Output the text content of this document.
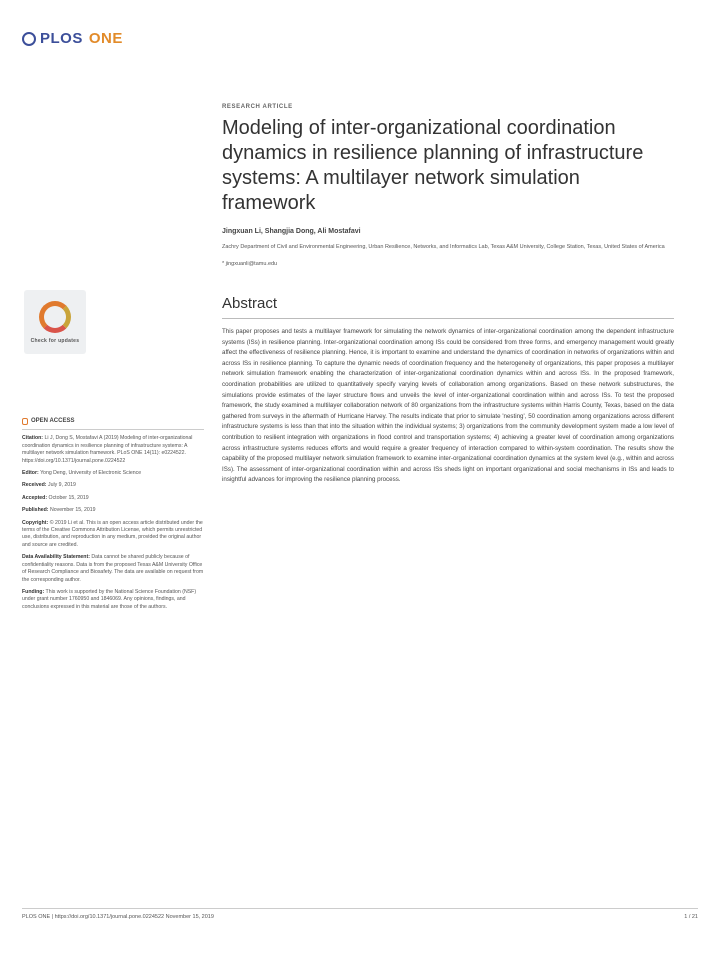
PLOS ONE
RESEARCH ARTICLE
Modeling of inter-organizational coordination dynamics in resilience planning of infrastructure systems: A multilayer network simulation framework
Jingxuan Li, Shangjia Dong, Ali Mostafavi
Zachry Department of Civil and Environmental Engineering, Urban Resilience, Networks, and Informatics Lab, Texas A&M University, College Station, Texas, United States of America
* jingxuanli@tamu.edu
Abstract
This paper proposes and tests a multilayer framework for simulating the network dynamics of inter-organizational coordination among the dependent infrastructure systems (ISs) in resilience planning. Inter-organizational coordination among ISs could be considered from three forms, and emergency management would greatly affect the effectiveness of resilience planning. Hence, it is important to examine and understand the dynamics of coordination in networks of organizations within and across ISs in resilience planning. To capture the dynamic needs of coordination frequency and the heterogeneity of organizations, this paper proposes a multilayer network simulation framework enabling the characterization of inter-organizational coordination dynamics within and across ISs. In the proposed framework, coordination probabilities are utilized to quantitatively specify varying levels of collaboration among organizations. Based on these network substructures, the simulations provide estimates of the layer structure flows and unveils the level of inter-organizational coordination within and across ISs. To test the proposed framework, the study examined a multilayer collaboration network of 80 organizations from the infrastructure systems within Harris County, Texas, based on the data gathered from surveys in the aftermath of Hurricane Harvey. The results indicate that prior to simulate 'nesting', 50 coordination among organizations across different infrastructure systems is less than that into the situation within the individual systems; 3) organizations from the community development system made a low level of contribution to resilient integration with organizations in flood control and transportation systems; 4) achieving a greater level of coordination among organizations across infrastructure systems reduces efforts and would require a greater frequency of interaction compared to within-system coordination. The results show the capability of the proposed multilayer network simulation framework to examine inter-organizational coordination dynamics at the system level (e.g., within and across ISs). The assessment of inter-organizational coordination within and across ISs sheds light on important organizational and social mechanisms in ISs and leads to insightful advances for improving the resilience planning process.
Check for updates
OPEN ACCESS
Citation: Li J, Dong S, Mostafavi A (2019) Modeling of inter-organizational coordination dynamics in resilience planning of infrastructure systems: A multilayer network simulation framework. PLoS ONE 14(11): e0224522. https://doi.org/10.1371/journal.pone.0224522
Editor: Yong Deng, University of Electronic Science
Received: July 9, 2019
Accepted: October 15, 2019
Published: November 15, 2019
Copyright: © 2019 Li et al. This is an open access article distributed under the terms of the Creative Commons Attribution License, which permits unrestricted use, distribution, and reproduction in any medium, provided the original author and source are credited.
Data Availability Statement: Data cannot be shared publicly because of confidentiality reasons. Data is from the proposed Texas A&M University Office of Research Compliance and Biosafety. The data are available on request from the corresponding author.
Funding: This work is supported by the National Science Foundation (NSF) under grant number 1760950 and 1846069. Any opinions, findings, and conclusions expressed in this material are those of the authors.
PLOS ONE | https://doi.org/10.1371/journal.pone.0224522 November 15, 2019	1 / 21
